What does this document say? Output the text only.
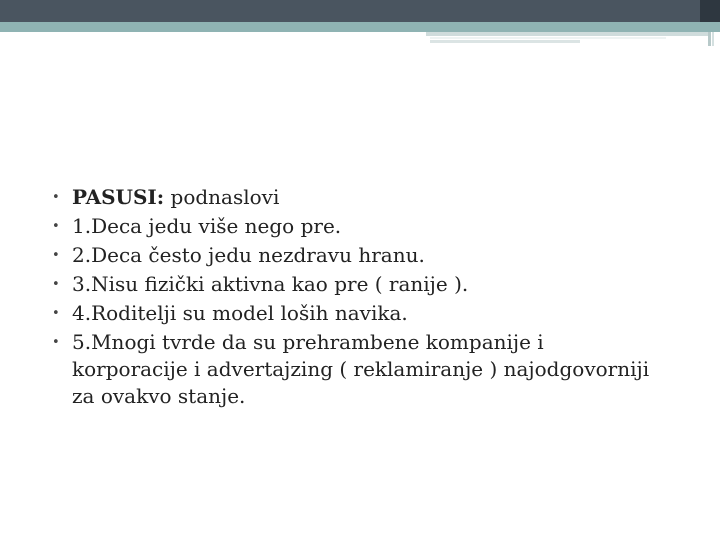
• PASUSI: podnaslovi
• 1.Deca jedu više nego pre.
• 2.Deca često jedu nezdravu hranu.
• 3.Nisu fizički aktivna kao pre ( ranije ).
• 4.Roditelji su model loših navika.
• 5.Mnogi tvrde da su prehrambene kompanije i korporacije i advertajzing ( reklamiranje ) najodgovorniji za ovakvo stanje.
